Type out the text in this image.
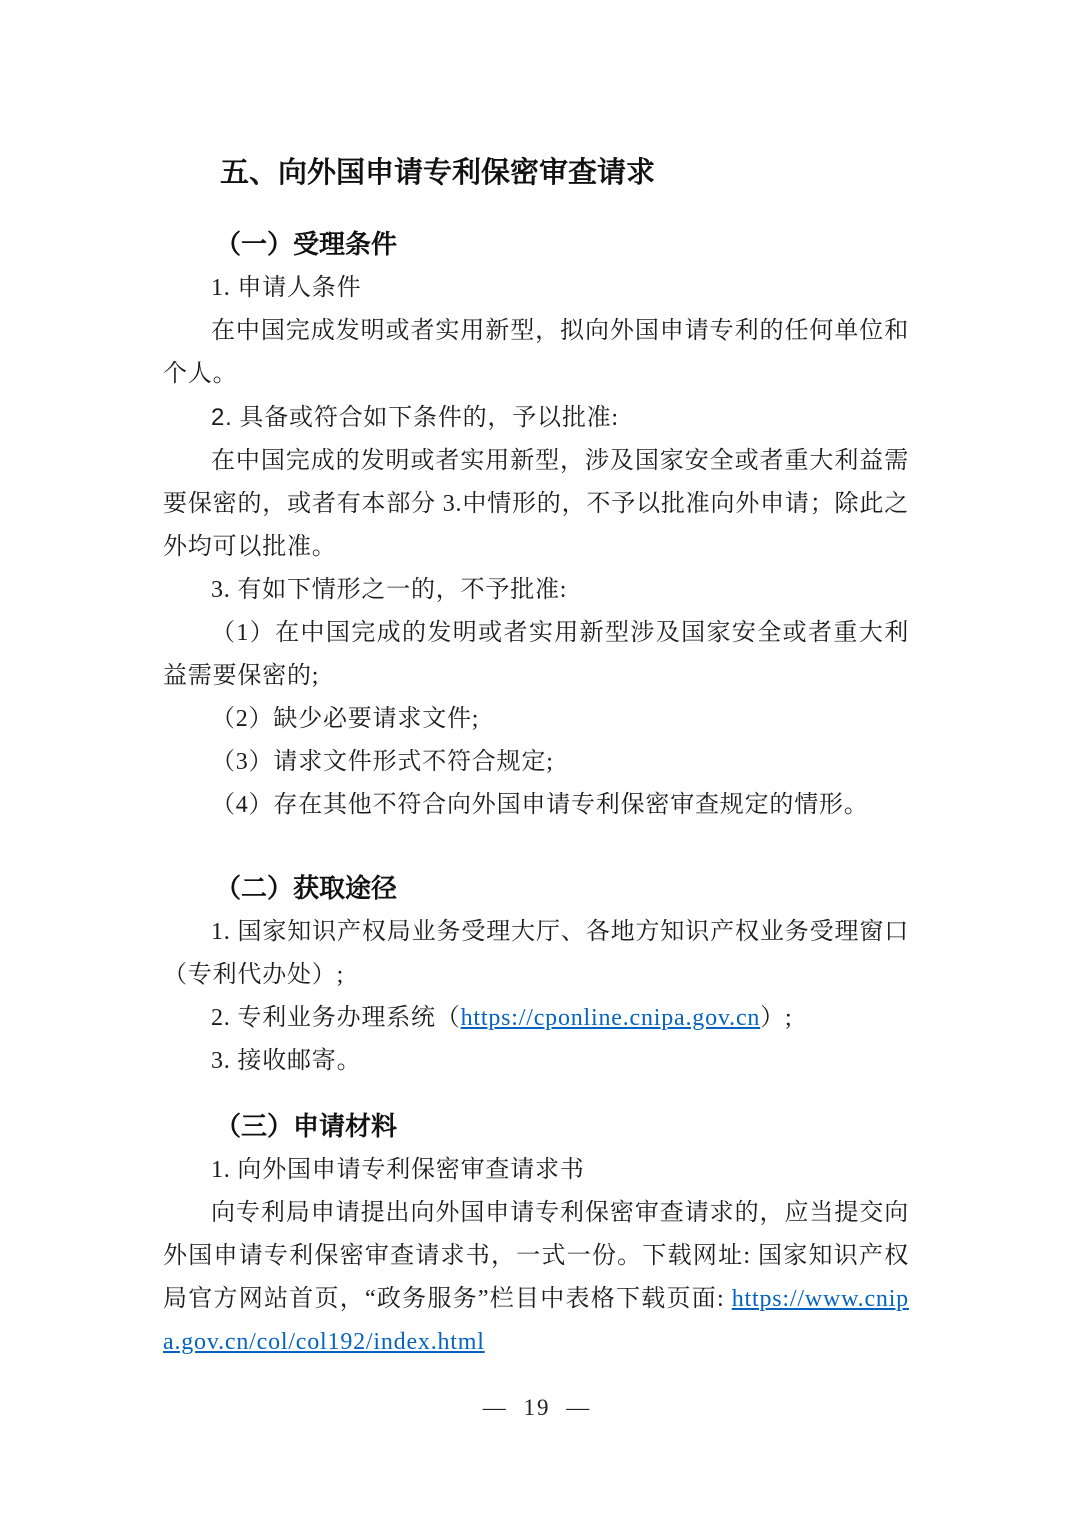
五、向外国申请专利保密审查请求
（一）受理条件

1. 申请人条件

在中国完成发明或者实用新型，拟向外国申请专利的任何单位和个人。

2. 具备或符合如下条件的，予以批准:

在中国完成的发明或者实用新型，涉及国家安全或者重大利益需要保密的，或者有本部分 3.中情形的，不予以批准向外申请；除此之外均可以批准。

3. 有如下情形之一的，不予批准:

（1）在中国完成的发明或者实用新型涉及国家安全或者重大利益需要保密的;

（2）缺少必要请求文件;

（3）请求文件形式不符合规定;

（4）存在其他不符合向外国申请专利保密审查规定的情形。

（二）获取途径

1. 国家知识产权局业务受理大厅、各地方知识产权业务受理窗口（专利代办处）;

2. 专利业务办理系统（https://cponline.cnipa.gov.cn）;

3. 接收邮寄。

（三）申请材料

1. 向外国申请专利保密审查请求书

向专利局申请提出向外国申请专利保密审查请求的，应当提交向外国申请专利保密审查请求书，一式一份。下载网址: 国家知识产权局官方网站首页，“政务服务”栏目中表格下载页面: https://www.cnipa.gov.cn/col/col192/index.html

— 19 —
